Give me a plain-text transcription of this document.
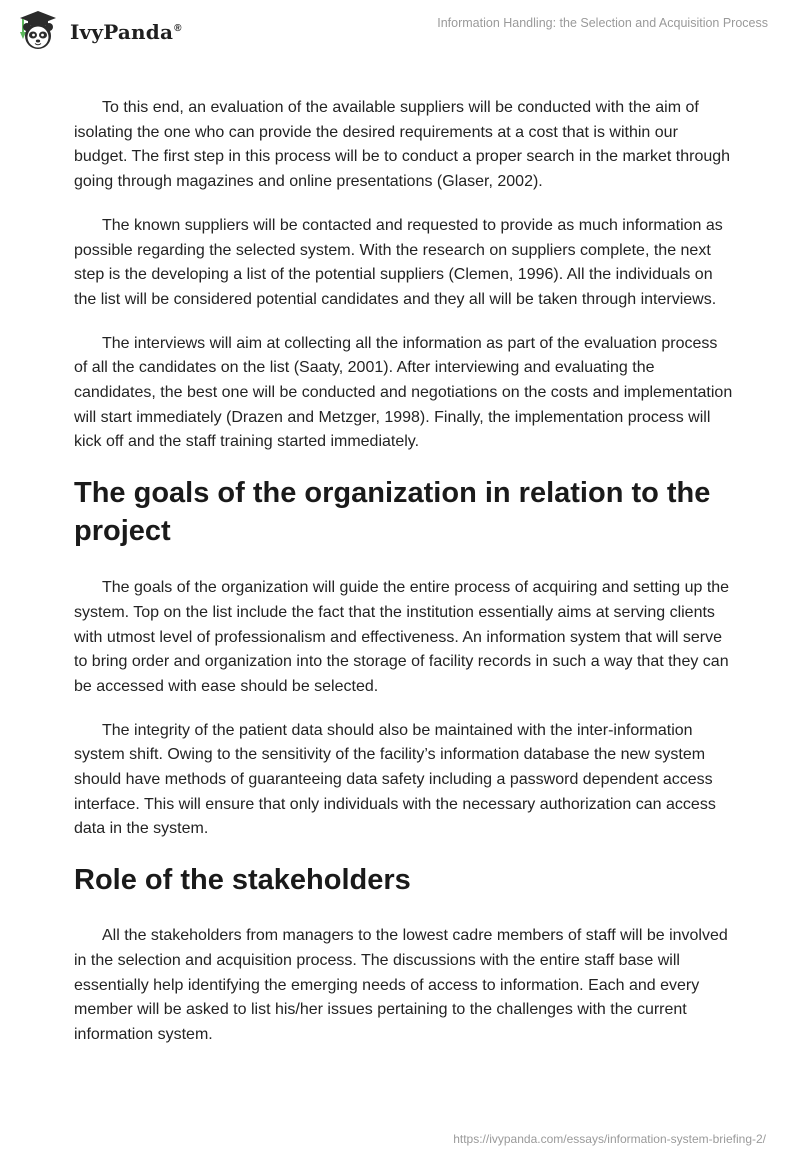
IvyPanda®	Information Handling: the Selection and Acquisition Process

To this end, an evaluation of the available suppliers will be conducted with the aim of isolating the one who can provide the desired requirements at a cost that is within our budget. The first step in this process will be to conduct a proper search in the market through going through magazines and online presentations (Glaser, 2002).

The known suppliers will be contacted and requested to provide as much information as possible regarding the selected system. With the research on suppliers complete, the next step is the developing a list of the potential suppliers (Clemen, 1996). All the individuals on the list will be considered potential candidates and they all will be taken through interviews.

The interviews will aim at collecting all the information as part of the evaluation process of all the candidates on the list (Saaty, 2001). After interviewing and evaluating the candidates, the best one will be conducted and negotiations on the costs and implementation will start immediately (Drazen and Metzger, 1998). Finally, the implementation process will kick off and the staff training started immediately.

The goals of the organization in relation to the project

The goals of the organization will guide the entire process of acquiring and setting up the system. Top on the list include the fact that the institution essentially aims at serving clients with utmost level of professionalism and effectiveness. An information system that will serve to bring order and organization into the storage of facility records in such a way that they can be accessed with ease should be selected.

The integrity of the patient data should also be maintained with the inter-information system shift. Owing to the sensitivity of the facility’s information database the new system should have methods of guaranteeing data safety including a password dependent access interface. This will ensure that only individuals with the necessary authorization can access data in the system.

Role of the stakeholders

All the stakeholders from managers to the lowest cadre members of staff will be involved in the selection and acquisition process. The discussions with the entire staff base will essentially help identifying the emerging needs of access to information. Each and every member will be asked to list his/her issues pertaining to the challenges with the current information system.

https://ivypanda.com/essays/information-system-briefing-2/
